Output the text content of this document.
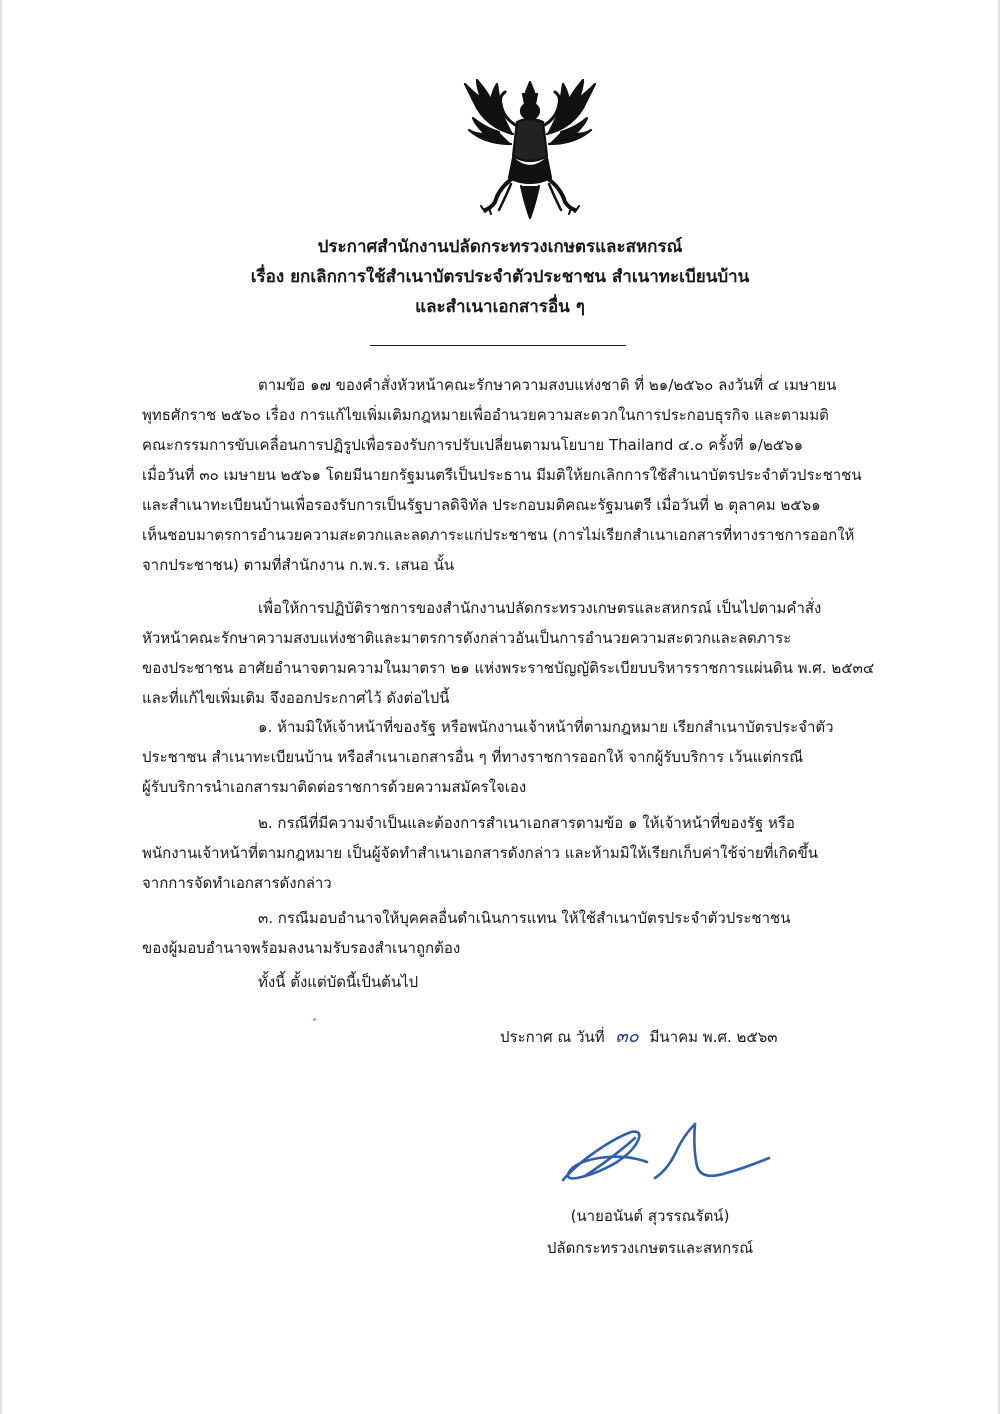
ประกาศสำนักงานปลัดกระทรวงเกษตรและสหกรณ์
เรื่อง ยกเลิกการใช้สำเนาบัตรประจำตัวประชาชน สำเนาทะเบียนบ้าน
และสำเนาเอกสารอื่น ๆ
ตามข้อ ๑๗ ของคำสั่งหัวหน้าคณะรักษาความสงบแห่งชาติ ที่ ๒๑/๒๕๖๐ ลงวันที่ ๔ เมษายน
พุทธศักราช ๒๕๖๐ เรื่อง การแก้ไขเพิ่มเติมกฎหมายเพื่ออำนวยความสะดวกในการประกอบธุรกิจ และตามมติ
คณะกรรมการขับเคลื่อนการปฏิรูปเพื่อรองรับการปรับเปลี่ยนตามนโยบาย Thailand ๔.๐ ครั้งที่ ๑/๒๕๖๑
เมื่อวันที่ ๓๐ เมษายน ๒๕๖๑ โดยมีนายกรัฐมนตรีเป็นประธาน มีมติให้ยกเลิกการใช้สำเนาบัตรประจำตัวประชาชน
และสำเนาทะเบียนบ้านเพื่อรองรับการเป็นรัฐบาลดิจิทัล ประกอบมติคณะรัฐมนตรี เมื่อวันที่ ๒ ตุลาคม ๒๕๖๑
เห็นชอบมาตรการอำนวยความสะดวกและลดภาระแก่ประชาชน (การไม่เรียกสำเนาเอกสารที่ทางราชการออกให้
จากประชาชน) ตามที่สำนักงาน ก.พ.ร. เสนอ นั้น
เพื่อให้การปฏิบัติราชการของสำนักงานปลัดกระทรวงเกษตรและสหกรณ์ เป็นไปตามคำสั่ง
หัวหน้าคณะรักษาความสงบแห่งชาติและมาตรการดังกล่าวอันเป็นการอำนวยความสะดวกและลดภาระ
ของประชาชน อาศัยอำนาจตามความในมาตรา ๒๑ แห่งพระราชบัญญัติระเบียบบริหารราชการแผ่นดิน พ.ศ. ๒๕๓๔
และที่แก้ไขเพิ่มเติม จึงออกประกาศไว้ ดังต่อไปนี้
๑. ห้ามมิให้เจ้าหน้าที่ของรัฐ หรือพนักงานเจ้าหน้าที่ตามกฎหมาย เรียกสำเนาบัตรประจำตัว
ประชาชน สำเนาทะเบียนบ้าน หรือสำเนาเอกสารอื่น ๆ ที่ทางราชการออกให้ จากผู้รับบริการ เว้นแต่กรณี
ผู้รับบริการนำเอกสารมาติดต่อราชการด้วยความสมัครใจเอง
๒. กรณีที่มีความจำเป็นและต้องการสำเนาเอกสารตามข้อ ๑ ให้เจ้าหน้าที่ของรัฐ หรือ
พนักงานเจ้าหน้าที่ตามกฎหมาย เป็นผู้จัดทำสำเนาเอกสารดังกล่าว และห้ามมิให้เรียกเก็บค่าใช้จ่ายที่เกิดขึ้น
จากการจัดทำเอกสารดังกล่าว
๓. กรณีมอบอำนาจให้บุคคลอื่นดำเนินการแทน ให้ใช้สำเนาบัตรประจำตัวประชาชน
ของผู้มอบอำนาจพร้อมลงนามรับรองสำเนาถูกต้อง
ทั้งนี้ ตั้งแต่บัดนี้เป็นต้นไป
ประกาศ ณ วันที่ ๓๐ มีนาคม พ.ศ. ๒๕๖๓
(นายอนันต์ สุวรรณรัตน์)
ปลัดกระทรวงเกษตรและสหกรณ์
